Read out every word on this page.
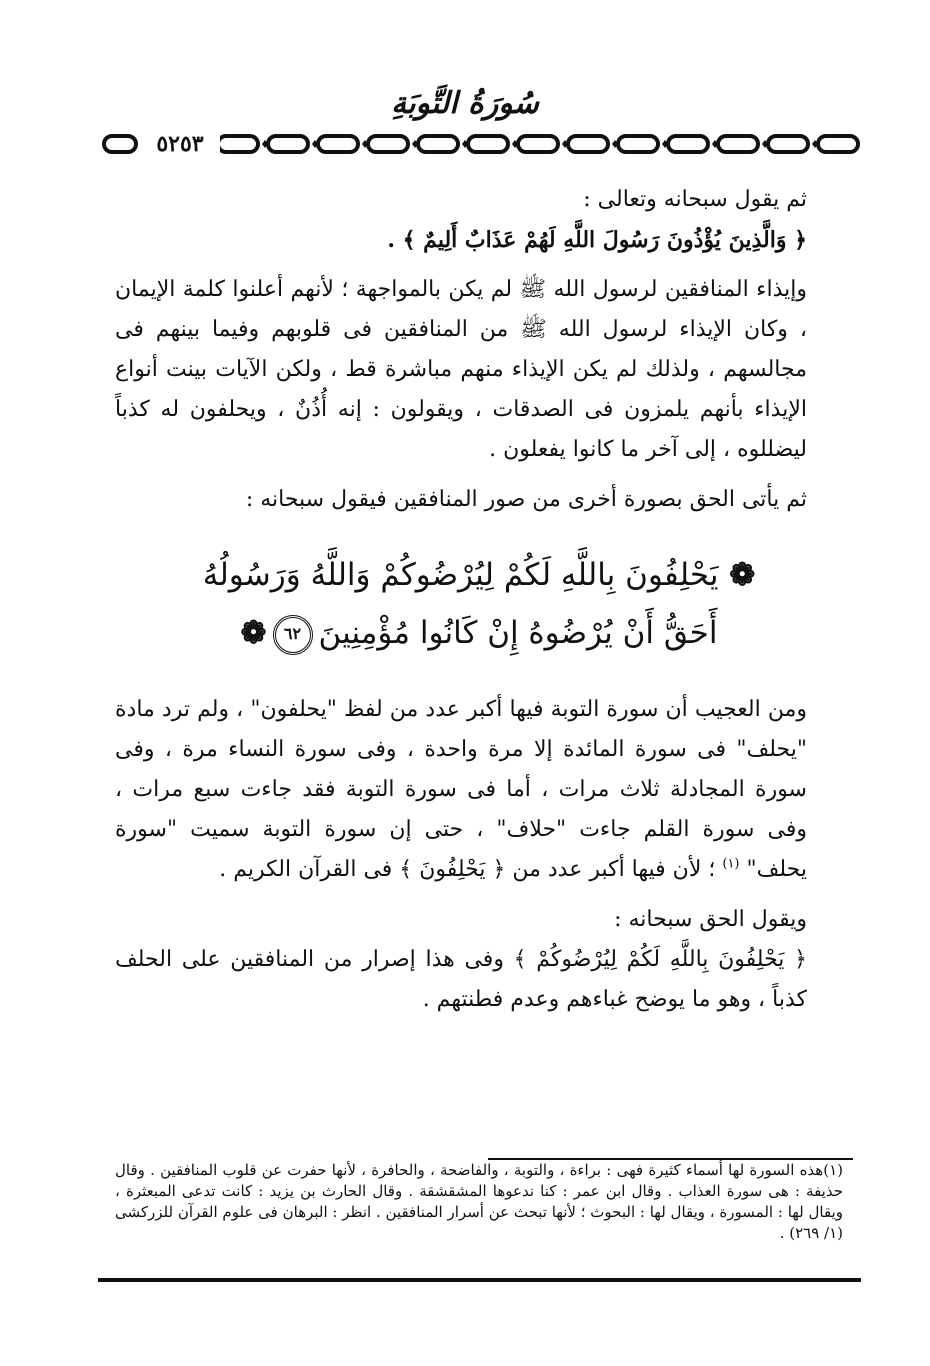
سُورَةُ التَّوبَةِ
٥٢٥٣

ثم يقول سبحانه وتعالى :

﴿ وَالَّذِينَ يُؤْذُونَ رَسُولَ اللَّهِ لَهُمْ عَذَابٌ أَلِيمٌ ﴾ .

وإيذاء المنافقين لرسول الله ﷺ لم يكن بالمواجهة ؛ لأنهم أعلنوا كلمة الإيمان ، وكان الإيذاء لرسول الله ﷺ من المنافقين فى قلوبهم وفيما بينهم فى مجالسهم ، ولذلك لم يكن الإيذاء منهم مباشرة قط ، ولكن الآيات بينت أنواع الإيذاء بأنهم يلمزون فى الصدقات ، ويقولون : إنه أُذُنٌ ، ويحلفون له كذباً ليضللوه ، إلى آخر ما كانوا يفعلون .

ثم يأتى الحق بصورة أخرى من صور المنافقين فيقول سبحانه :

❁ يَحْلِفُونَ بِاللَّهِ لَكُمْ لِيُرْضُوكُمْ وَاللَّهُ وَرَسُولُهُ
أَحَقُّ أَنْ يُرْضُوهُ إِنْ كَانُوا مُؤْمِنِينَ٦٢❁

ومن العجيب أن سورة التوبة فيها أكبر عدد من لفظ "يحلفون" ، ولم ترد مادة "يحلف" فى سورة المائدة إلا مرة واحدة ، وفى سورة النساء مرة ، وفى سورة المجادلة ثلاث مرات ، أما فى سورة التوبة فقد جاءت سبع مرات ، وفى سورة القلم جاءت "حلاف" ، حتى إن سورة التوبة سميت "سورة يحلف" $^{(١)}$ ؛ لأن فيها أكبر عدد من ﴿ يَحْلِفُونَ ﴾ فى القرآن الكريم .

ويقول الحق سبحانه :

﴿ يَحْلِفُونَ بِاللَّهِ لَكُمْ لِيُرْضُوكُمْ ﴾ وفى هذا إصرار من المنافقين على الحلف كذباً ، وهو ما يوضح غباءهم وعدم فطنتهم .

(١)هذه السورة لها أسماء كثيرة فهى : براءة ، والتوبة ، والفاضحة ، والحافرة ، لأنها حفرت عن قلوب المنافقين . وقال حذيفة : هى سورة العذاب . وقال ابن عمر : كنا ندعوها المشقشقة . وقال الحارث بن يزيد : كانت تدعى المبعثرة ، ويقال لها : المسورة ، ويقال لها : البحوث ؛ لأنها تبحث عن أسرار المنافقين . انظر : البرهان فى علوم القرآن للزركشى (١/ ٢٦٩) .
